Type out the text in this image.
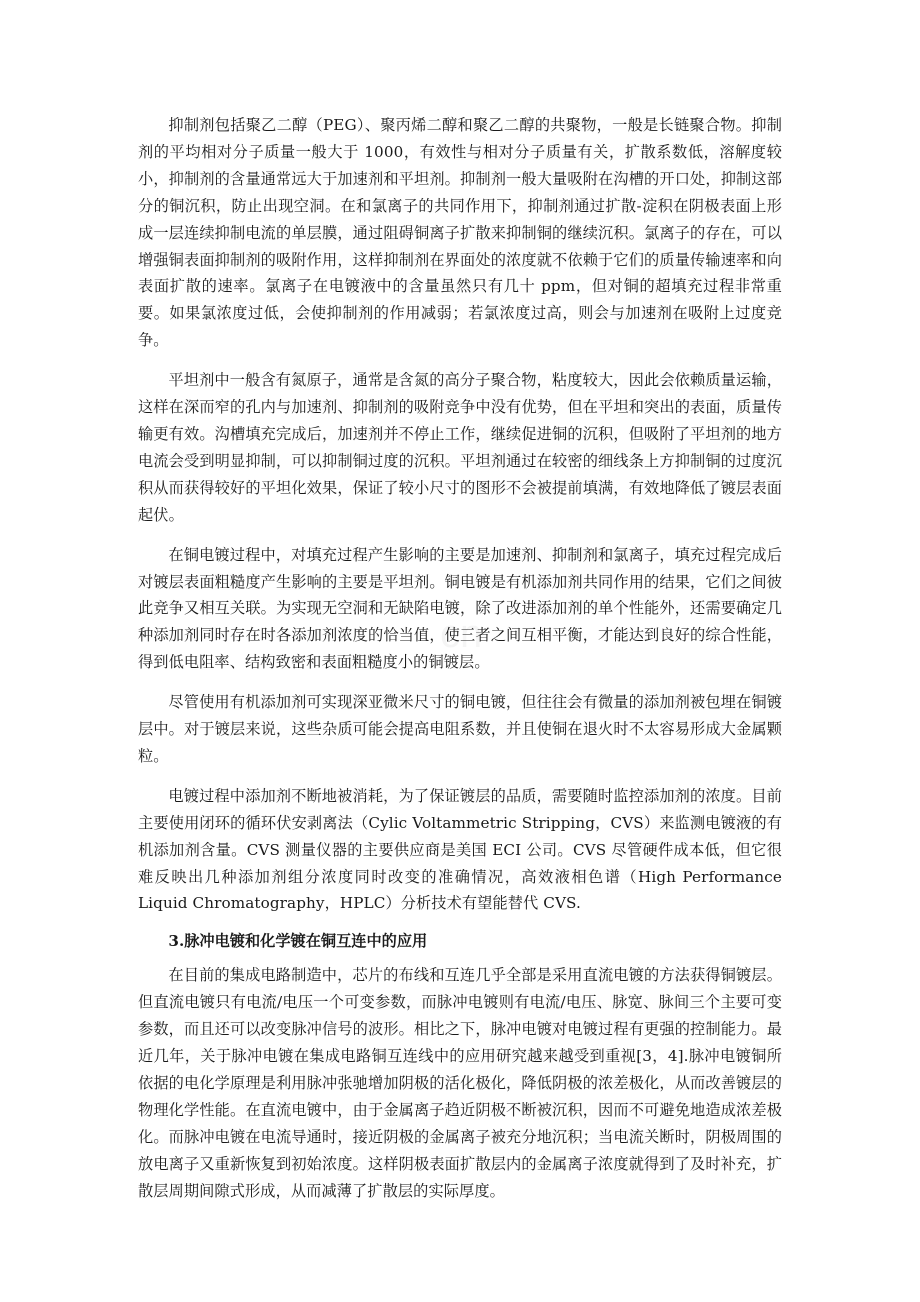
抑制剂包括聚乙二醇（PEG）、聚丙烯二醇和聚乙二醇的共聚物，一般是长链聚合物。抑制剂的平均相对分子质量一般大于 1000，有效性与相对分子质量有关，扩散系数低，溶解度较小，抑制剂的含量通常远大于加速剂和平坦剂。抑制剂一般大量吸附在沟槽的开口处，抑制这部分的铜沉积，防止出现空洞。在和氯离子的共同作用下，抑制剂通过扩散-淀积在阴极表面上形成一层连续抑制电流的单层膜，通过阻碍铜离子扩散来抑制铜的继续沉积。氯离子的存在，可以增强铜表面抑制剂的吸附作用，这样抑制剂在界面处的浓度就不依赖于它们的质量传输速率和向表面扩散的速率。氯离子在电镀液中的含量虽然只有几十 ppm，但对铜的超填充过程非常重要。如果氯浓度过低，会使抑制剂的作用减弱；若氯浓度过高，则会与加速剂在吸附上过度竞争。

平坦剂中一般含有氮原子，通常是含氮的高分子聚合物，粘度较大，因此会依赖质量运输，这样在深而窄的孔内与加速剂、抑制剂的吸附竞争中没有优势，但在平坦和突出的表面，质量传输更有效。沟槽填充完成后，加速剂并不停止工作，继续促进铜的沉积，但吸附了平坦剂的地方电流会受到明显抑制，可以抑制铜过度的沉积。平坦剂通过在较密的细线条上方抑制铜的过度沉积从而获得较好的平坦化效果，保证了较小尺寸的图形不会被提前填满，有效地降低了镀层表面起伏。

在铜电镀过程中，对填充过程产生影响的主要是加速剂、抑制剂和氯离子，填充过程完成后对镀层表面粗糙度产生影响的主要是平坦剂。铜电镀是有机添加剂共同作用的结果，它们之间彼此竞争又相互关联。为实现无空洞和无缺陷电镀，除了改进添加剂的单个性能外，还需要确定几种添加剂同时存在时各添加剂浓度的恰当值，使三者之间互相平衡，才能达到良好的综合性能，得到低电阻率、结构致密和表面粗糙度小的铜镀层。

尽管使用有机添加剂可实现深亚微米尺寸的铜电镀，但往往会有微量的添加剂被包埋在铜镀层中。对于镀层来说，这些杂质可能会提高电阻系数，并且使铜在退火时不太容易形成大金属颗粒。

电镀过程中添加剂不断地被消耗，为了保证镀层的品质，需要随时监控添加剂的浓度。目前主要使用闭环的循环伏安剥离法（Cylic Voltammetric Stripping，CVS）来监测电镀液的有机添加剂含量。CVS 测量仪器的主要供应商是美国 ECI 公司。CVS 尽管硬件成本低，但它很难反映出几种添加剂组分浓度同时改变的准确情况，高效液相色谱（High Performance Liquid Chromatography，HPLC）分析技术有望能替代 CVS.

3.脉冲电镀和化学镀在铜互连中的应用

在目前的集成电路制造中，芯片的布线和互连几乎全部是采用直流电镀的方法获得铜镀层。但直流电镀只有电流/电压一个可变参数，而脉冲电镀则有电流/电压、脉宽、脉间三个主要可变参数，而且还可以改变脉冲信号的波形。相比之下，脉冲电镀对电镀过程有更强的控制能力。最近几年，关于脉冲电镀在集成电路铜互连线中的应用研究越来越受到重视[3，4].脉冲电镀铜所依据的电化学原理是利用脉冲张驰增加阴极的活化极化，降低阴极的浓差极化，从而改善镀层的物理化学性能。在直流电镀中，由于金属离子趋近阴极不断被沉积，因而不可避免地造成浓差极化。而脉冲电镀在电流导通时，接近阴极的金属离子被充分地沉积；当电流关断时，阴极周围的放电离子又重新恢复到初始浓度。这样阴极表面扩散层内的金属离子浓度就得到了及时补充，扩散层周期间隙式形成，从而减薄了扩散层的实际厚度。
